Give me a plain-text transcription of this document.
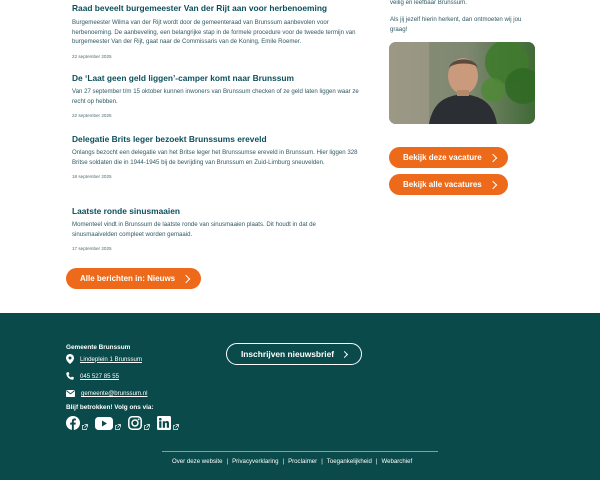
Raad beveelt burgemeester Van der Rijt aan voor herbenoeming
Burgemeester Wilma van der Rijt wordt door de gemeenteraad van Brunssum aanbevolen voor herbenoeming. De aanbeveling, een belangrijke stap in de formele procedure voor de tweede termijn van burgemeester Van der Rijt, gaat naar de Commissaris van de Koning, Emile Roemer.
22 september 2025
De ‘Laat geen geld liggen’-camper komt naar Brunssum
Van 27 september t/m 15 oktober kunnen inwoners van Brunssum checken of ze geld laten liggen waar ze recht op hebben.
22 september 2025
Delegatie Brits leger bezoekt Brunssums ereveld
Onlangs bezocht een delegatie van het Britse leger het Brunssumse ereveld in Brunssum. Hier liggen 328 Britse soldaten die in 1944-1945 bij de bevrijding van Brunssum en Zuid-Limburg sneuvelden.
18 september 2025
Laatste ronde sinusmaaien
Momenteel vindt in Brunssum de laatste ronde van sinusmaaien plaats. Dit houdt in dat de sinusmaaivelden compleet worden gemaaid.
17 september 2025
Alle berichten in: Nieuws
veilig en leefbaar Brunssum.
Als jij jezelf hierin herkent, dan ontmoeten wij jou graag!
Bekijk deze vacature
Bekijk alle vacatures
Gemeente Brunssum
Lindeplein 1 Brunssum
045 527 85 55
gemeente@brunssum.nl
Blijf betrokken! Volg ons via:
Inschrijven nieuwsbrief
Over deze website | Privacyverklaring | Proclaimer | Toegankelijkheid | Webarchief
